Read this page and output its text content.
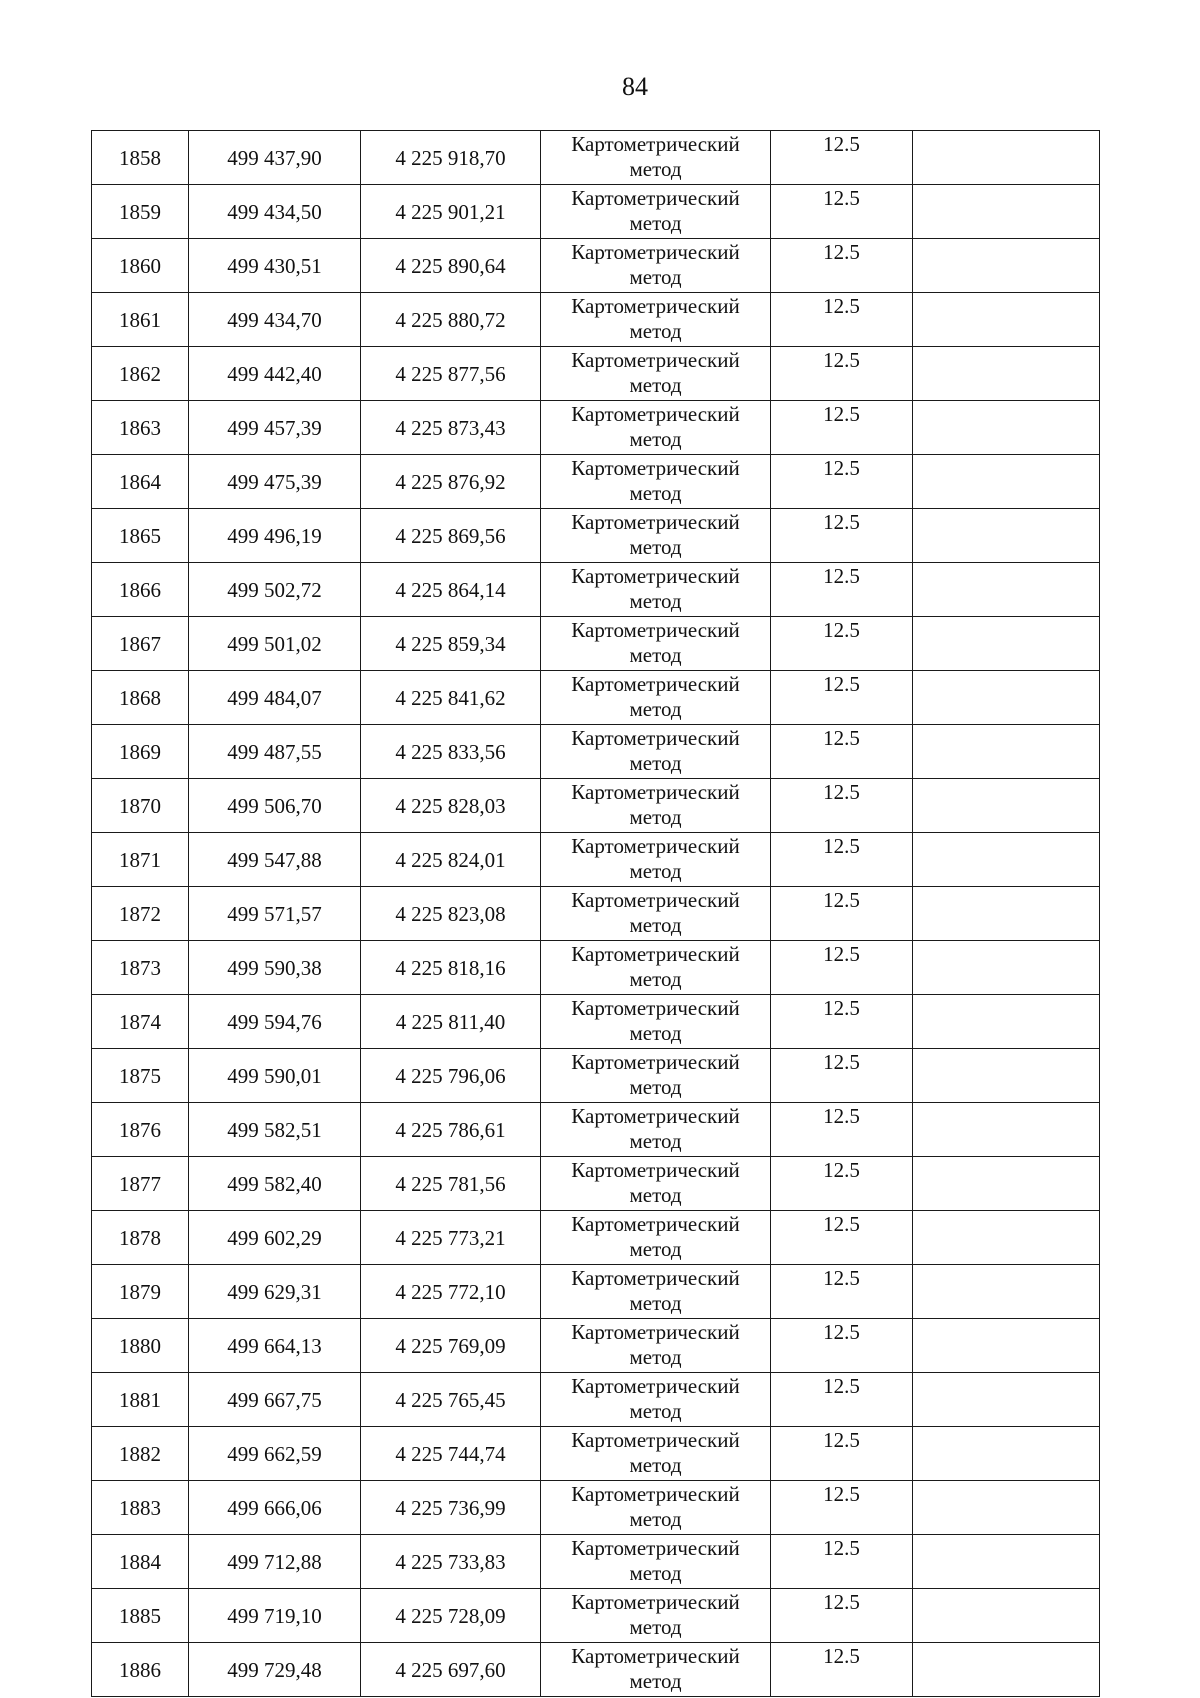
84
1858	499 437,90	4 225 918,70	Картометрический
метод	12.5	
1859	499 434,50	4 225 901,21	Картометрический
метод	12.5	
1860	499 430,51	4 225 890,64	Картометрический
метод	12.5	
1861	499 434,70	4 225 880,72	Картометрический
метод	12.5	
1862	499 442,40	4 225 877,56	Картометрический
метод	12.5	
1863	499 457,39	4 225 873,43	Картометрический
метод	12.5	
1864	499 475,39	4 225 876,92	Картометрический
метод	12.5	
1865	499 496,19	4 225 869,56	Картометрический
метод	12.5	
1866	499 502,72	4 225 864,14	Картометрический
метод	12.5	
1867	499 501,02	4 225 859,34	Картометрический
метод	12.5	
1868	499 484,07	4 225 841,62	Картометрический
метод	12.5	
1869	499 487,55	4 225 833,56	Картометрический
метод	12.5	
1870	499 506,70	4 225 828,03	Картометрический
метод	12.5	
1871	499 547,88	4 225 824,01	Картометрический
метод	12.5	
1872	499 571,57	4 225 823,08	Картометрический
метод	12.5	
1873	499 590,38	4 225 818,16	Картометрический
метод	12.5	
1874	499 594,76	4 225 811,40	Картометрический
метод	12.5	
1875	499 590,01	4 225 796,06	Картометрический
метод	12.5	
1876	499 582,51	4 225 786,61	Картометрический
метод	12.5	
1877	499 582,40	4 225 781,56	Картометрический
метод	12.5	
1878	499 602,29	4 225 773,21	Картометрический
метод	12.5	
1879	499 629,31	4 225 772,10	Картометрический
метод	12.5	
1880	499 664,13	4 225 769,09	Картометрический
метод	12.5	
1881	499 667,75	4 225 765,45	Картометрический
метод	12.5	
1882	499 662,59	4 225 744,74	Картометрический
метод	12.5	
1883	499 666,06	4 225 736,99	Картометрический
метод	12.5	
1884	499 712,88	4 225 733,83	Картометрический
метод	12.5	
1885	499 719,10	4 225 728,09	Картометрический
метод	12.5	
1886	499 729,48	4 225 697,60	Картометрический
метод	12.5	
